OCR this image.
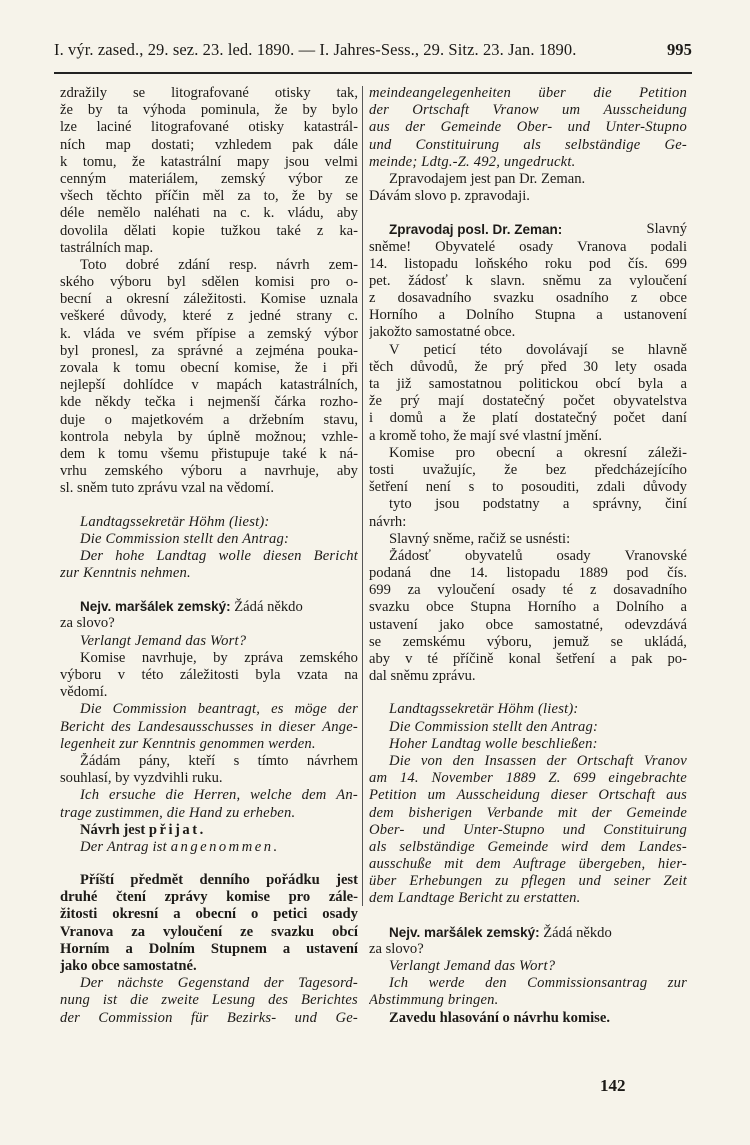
I. výr. zased., 29. sez. 23. led. 1890. — I. Jahres-Sess., 29. Sitz. 23. Jan. 1890.	995
zdražily se litografované otisky tak,
že by ta výhoda pominula, že by bylo
lze laciné litografované otisky katastrál-
ních map dostati; vzhledem pak dále
k tomu, že katastrální mapy jsou velmi
cenným materiálem, zemský výbor ze
všech těchto příčin měl za to, že by se
déle nemělo naléhati na c. k. vládu, aby
dovolila dělati kopie tužkou také z ka-
tastrálních map.
Toto dobré zdání resp. návrh zem-
ského výboru byl sdělen komisi pro o-
becní a okresní záležitosti. Komise uznala
veškeré důvody, které z jedné strany c.
k. vláda ve svém přípise a zemský výbor
byl pronesl, za správné a zejména pouka-
zovala k tomu obecní komise, že i při
nejlepší dohlídce v mapách katastrálních,
kde někdy tečka i nejmenší čárka rozho-
duje o majetkovém a držebním stavu,
kontrola nebyla by úplně možnou; vzhle-
dem k tomu všemu přistupuje také k ná-
vrhu zemského výboru a navrhuje, aby
sl. sněm tuto zprávu vzal na vědomí.
Landtagssekretär Höhm (liest):
Die Commission stellt den Antrag:
Der hohe Landtag wolle diesen Bericht
zur Kenntnis nehmen.
Nejv. maršálek zemský: Žádá někdo
za slovo?
Verlangt Jemand das Wort?
Komise navrhuje, by zpráva zemského
výboru v této záležitosti byla vzata na
vědomí.
Die Commission beantragt, es möge der
Bericht des Landesausschusses in dieser Ange-
legenheit zur Kenntnis genommen werden.
Žádám pány, kteří s tímto návrhem
souhlasí, by vyzdvihli ruku.
Ich ersuche die Herren, welche dem An-
trage zustimmen, die Hand zu erheben.
Návrh jest přijat.
Der Antrag ist angenommen.
Příští předmět denního pořádku jest
druhé čtení zprávy komise pro zále-
žitosti okresní a obecní o petici osady
Vranova za vyloučení ze svazku obcí
Horním a Dolním Stupnem a ustavení
jako obce samostatné.
Der nächste Gegenstand der Tagesord-
nung ist die zweite Lesung des Berichtes
der Commission für Bezirks- und Ge-
meindeangelegenheiten über die Petition
der Ortschaft Vranow um Ausscheidung
aus der Gemeinde Ober- und Unter-Stupno
und Constituirung als selbständige Ge-
meinde; Ldtg.-Z. 492, ungedruckt.
Zpravodajem jest pan Dr. Zeman.
Dávám slovo p. zpravodaji.
Zpravodaj posl. Dr. Zeman:	Slavný
sněme! Obyvatelé osady Vranova podali
14. listopadu loňského roku pod čís. 699
pet. žádosť k slavn. sněmu za vyloučení
z dosavadního svazku osadního z obce
Horního a Dolního Stupna a ustanovení
jakožto samostatné obce.
V peticí této dovolávají se hlavně
těch důvodů, že prý před 30 lety osada
ta již samostatnou politickou obcí byla a
že prý mají dostatečný počet obyvatelstva
i domů a že platí dostatečný počet daní
a kromě toho, že mají své vlastní jmění.
Komise pro obecní a okresní záleži-
tosti uvažujíc, že bez předcházejícího
šetření není s to posouditi, zdali důvody
tyto jsou podstatny a správny, činí
návrh:
Slavný sněme, račiž se usnésti:
Žádosť obyvatelů osady Vranovské
podaná dne 14. listopadu 1889 pod čís.
699 za vyloučení osady té z dosavadního
svazku obce Stupna Horního a Dolního a
ustavení jako obce samostatné, odevzdává
se zemskému výboru, jemuž se ukládá,
aby v té příčině konal šetření a pak po-
dal sněmu zprávu.
Landtagssekretär Höhm (liest):
Die Commission stellt den Antrag:
Hoher Landtag wolle beschließen:
Die von den Insassen der Ortschaft Vranov
am 14. November 1889 Z. 699 eingebrachte
Petition um Ausscheidung dieser Ortschaft aus
dem bisherigen Verbande mit der Gemeinde
Ober- und Unter-Stupno und Constituirung
als selbständige Gemeinde wird dem Landes-
ausschuße mit dem Auftrage übergeben, hier-
über Erhebungen zu pflegen und seiner Zeit
dem Landtage Bericht zu erstatten.
Nejv. maršálek zemský: Žádá někdo
za slovo?
Verlangt Jemand das Wort?
Ich werde den Commissionsantrag zur
Abstimmung bringen.
Zavedu hlasování o návrhu komise.
142
